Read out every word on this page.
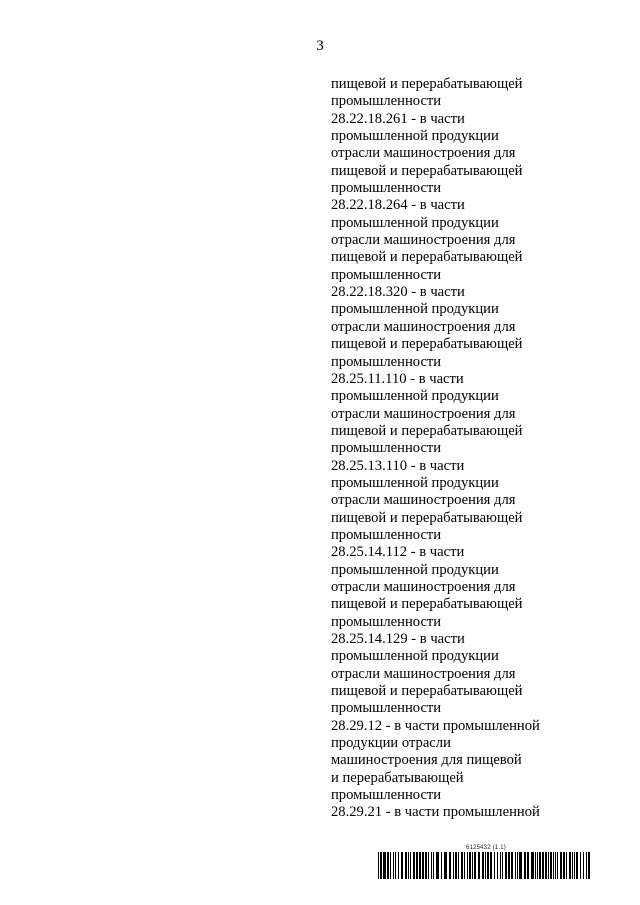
3
пищевой и перерабатывающей
промышленности
28.22.18.261 - в части
промышленной продукции
отрасли машиностроения для
пищевой и перерабатывающей
промышленности
28.22.18.264 - в части
промышленной продукции
отрасли машиностроения для
пищевой и перерабатывающей
промышленности
28.22.18.320 - в части
промышленной продукции
отрасли машиностроения для
пищевой и перерабатывающей
промышленности
28.25.11.110 - в части
промышленной продукции
отрасли машиностроения для
пищевой и перерабатывающей
промышленности
28.25.13.110 - в части
промышленной продукции
отрасли машиностроения для
пищевой и перерабатывающей
промышленности
28.25.14.112 - в части
промышленной продукции
отрасли машиностроения для
пищевой и перерабатывающей
промышленности
28.25.14.129 - в части
промышленной продукции
отрасли машиностроения для
пищевой и перерабатывающей
промышленности
28.29.12 - в части промышленной
продукции отрасли
машиностроения для пищевой
и перерабатывающей
промышленности
28.29.21 - в части промышленной
6125432 (1.1)
